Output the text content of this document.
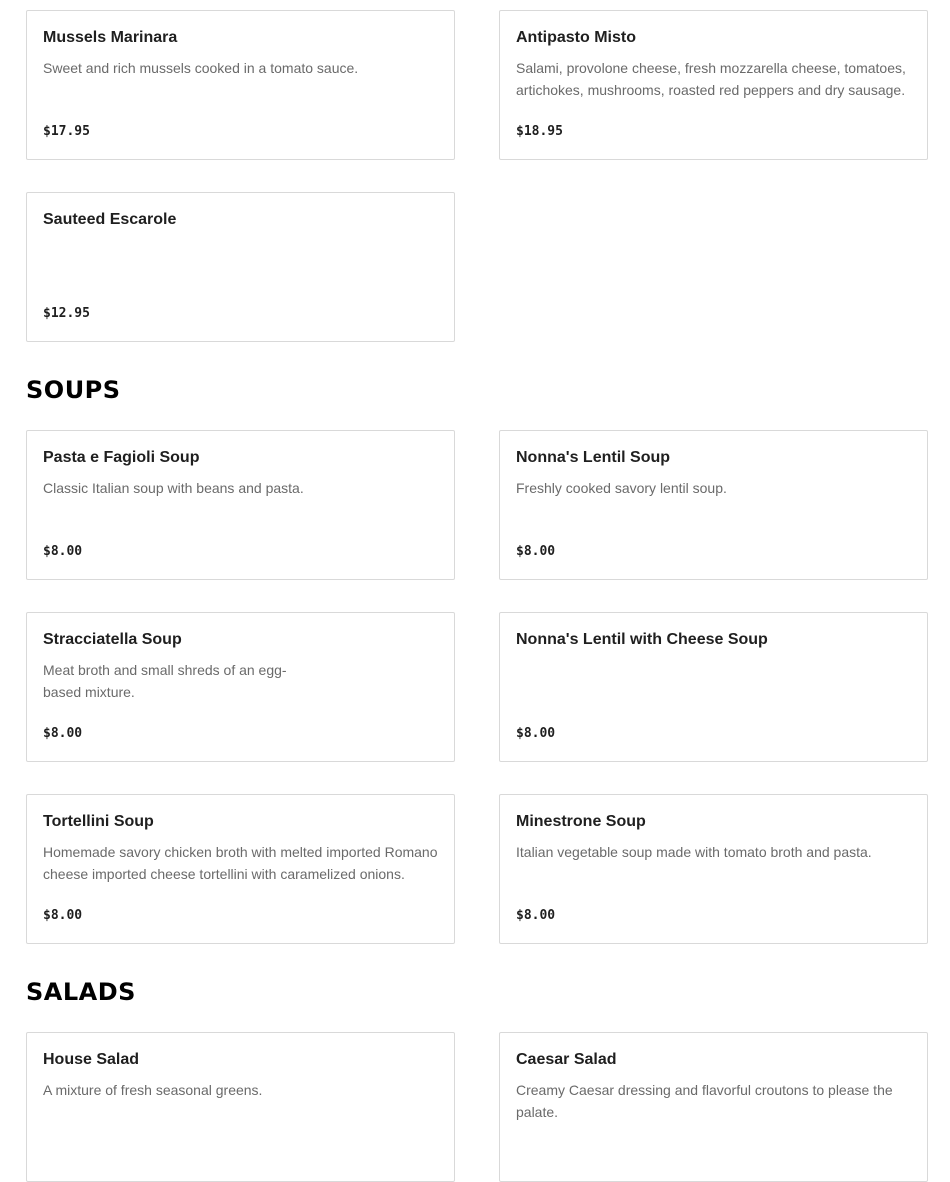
Mussels Marinara
Sweet and rich mussels cooked in a tomato sauce.
$17.95
Antipasto Misto
Salami, provolone cheese, fresh mozzarella cheese, tomatoes, artichokes, mushrooms, roasted red peppers and dry sausage.
$18.95
Sauteed Escarole
$12.95
SOUPS
Pasta e Fagioli Soup
Classic Italian soup with beans and pasta.
$8.00
Nonna's Lentil Soup
Freshly cooked savory lentil soup.
$8.00
Stracciatella Soup
Meat broth and small shreds of an egg-based mixture.
$8.00
Nonna's Lentil with Cheese Soup
$8.00
Tortellini Soup
Homemade savory chicken broth with melted imported Romano cheese imported cheese tortellini with caramelized onions.
$8.00
Minestrone Soup
Italian vegetable soup made with tomato broth and pasta.
$8.00
SALADS
House Salad
A mixture of fresh seasonal greens.
Caesar Salad
Creamy Caesar dressing and flavorful croutons to please the palate.
